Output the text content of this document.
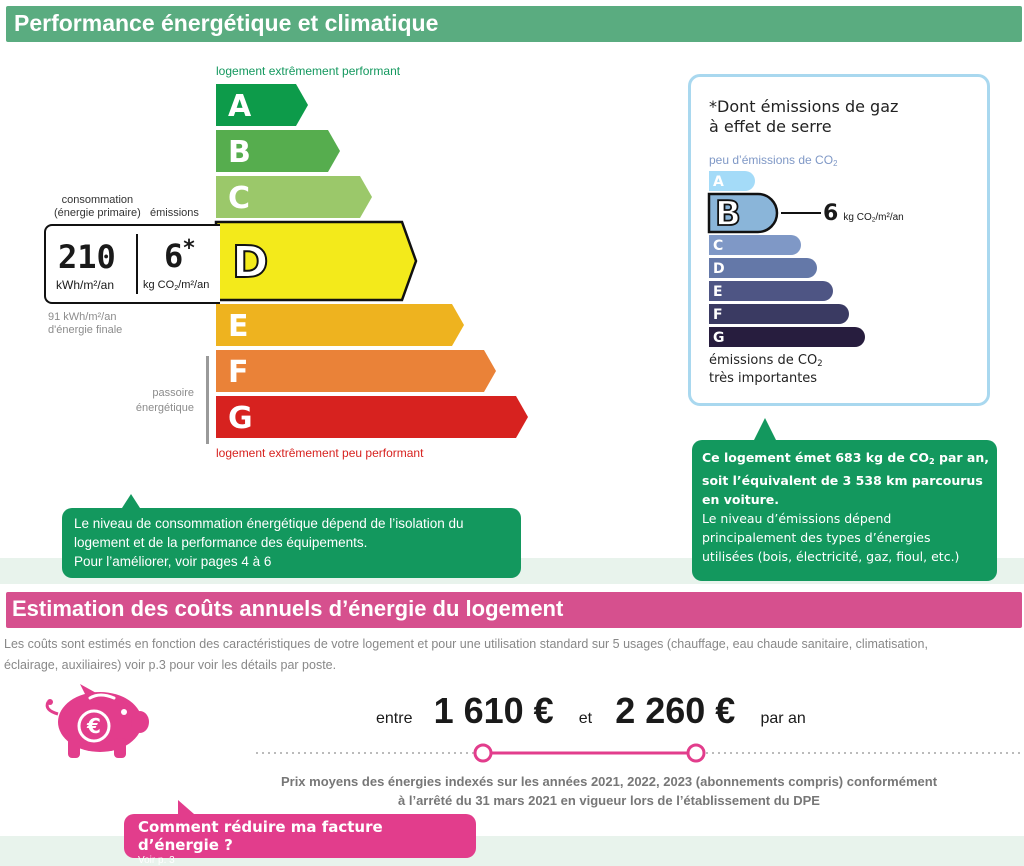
Performance énergétique et climatique
logement extrêmement performant
A
B
C
D
E
F
G
consommation
(énergie primaire) émissions
210
kWh/m²/an
6*
kg $CO_2/m^2/an$
91 kWh/m²/an
d'énergie finale
passoire
énergétique
logement extrêmement peu performant
Le niveau de consommation énergétique dépend de l’isolation du
logement et de la performance des équipements.
Pour l’améliorer, voir pages 4 à 6
*Dont émissions de gaz
à effet de serre
peu d’émissions de $CO_2$
A
B
C
D
E
F
G
6 kg $CO_2/m^2/an$
émissions de $CO_2$
très importantes
Ce logement émet 683 kg de $CO_2$ par an,
soit l’équivalent de 3 538 km parcourus
en voiture.
Le niveau d’émissions dépend
principalement des types d’énergies
utilisées (bois, électricité, gaz, fioul, etc.)
Estimation des coûts annuels d’énergie du logement
Les coûts sont estimés en fonction des caractéristiques de votre logement et pour une utilisation standard sur 5 usages (chauffage, eau chaude sanitaire, climatisation,
éclairage, auxiliaires) voir p.3 pour voir les détails par poste.
€	entre 1 610 € et 2 260 € par an
Prix moyens des énergies indexés sur les années 2021, 2022, 2023 (abonnements compris) conformément
à l’arrêté du 31 mars 2021 en vigueur lors de l’établissement du DPE
Comment réduire ma facture d’énergie ?
Voir p. 3
